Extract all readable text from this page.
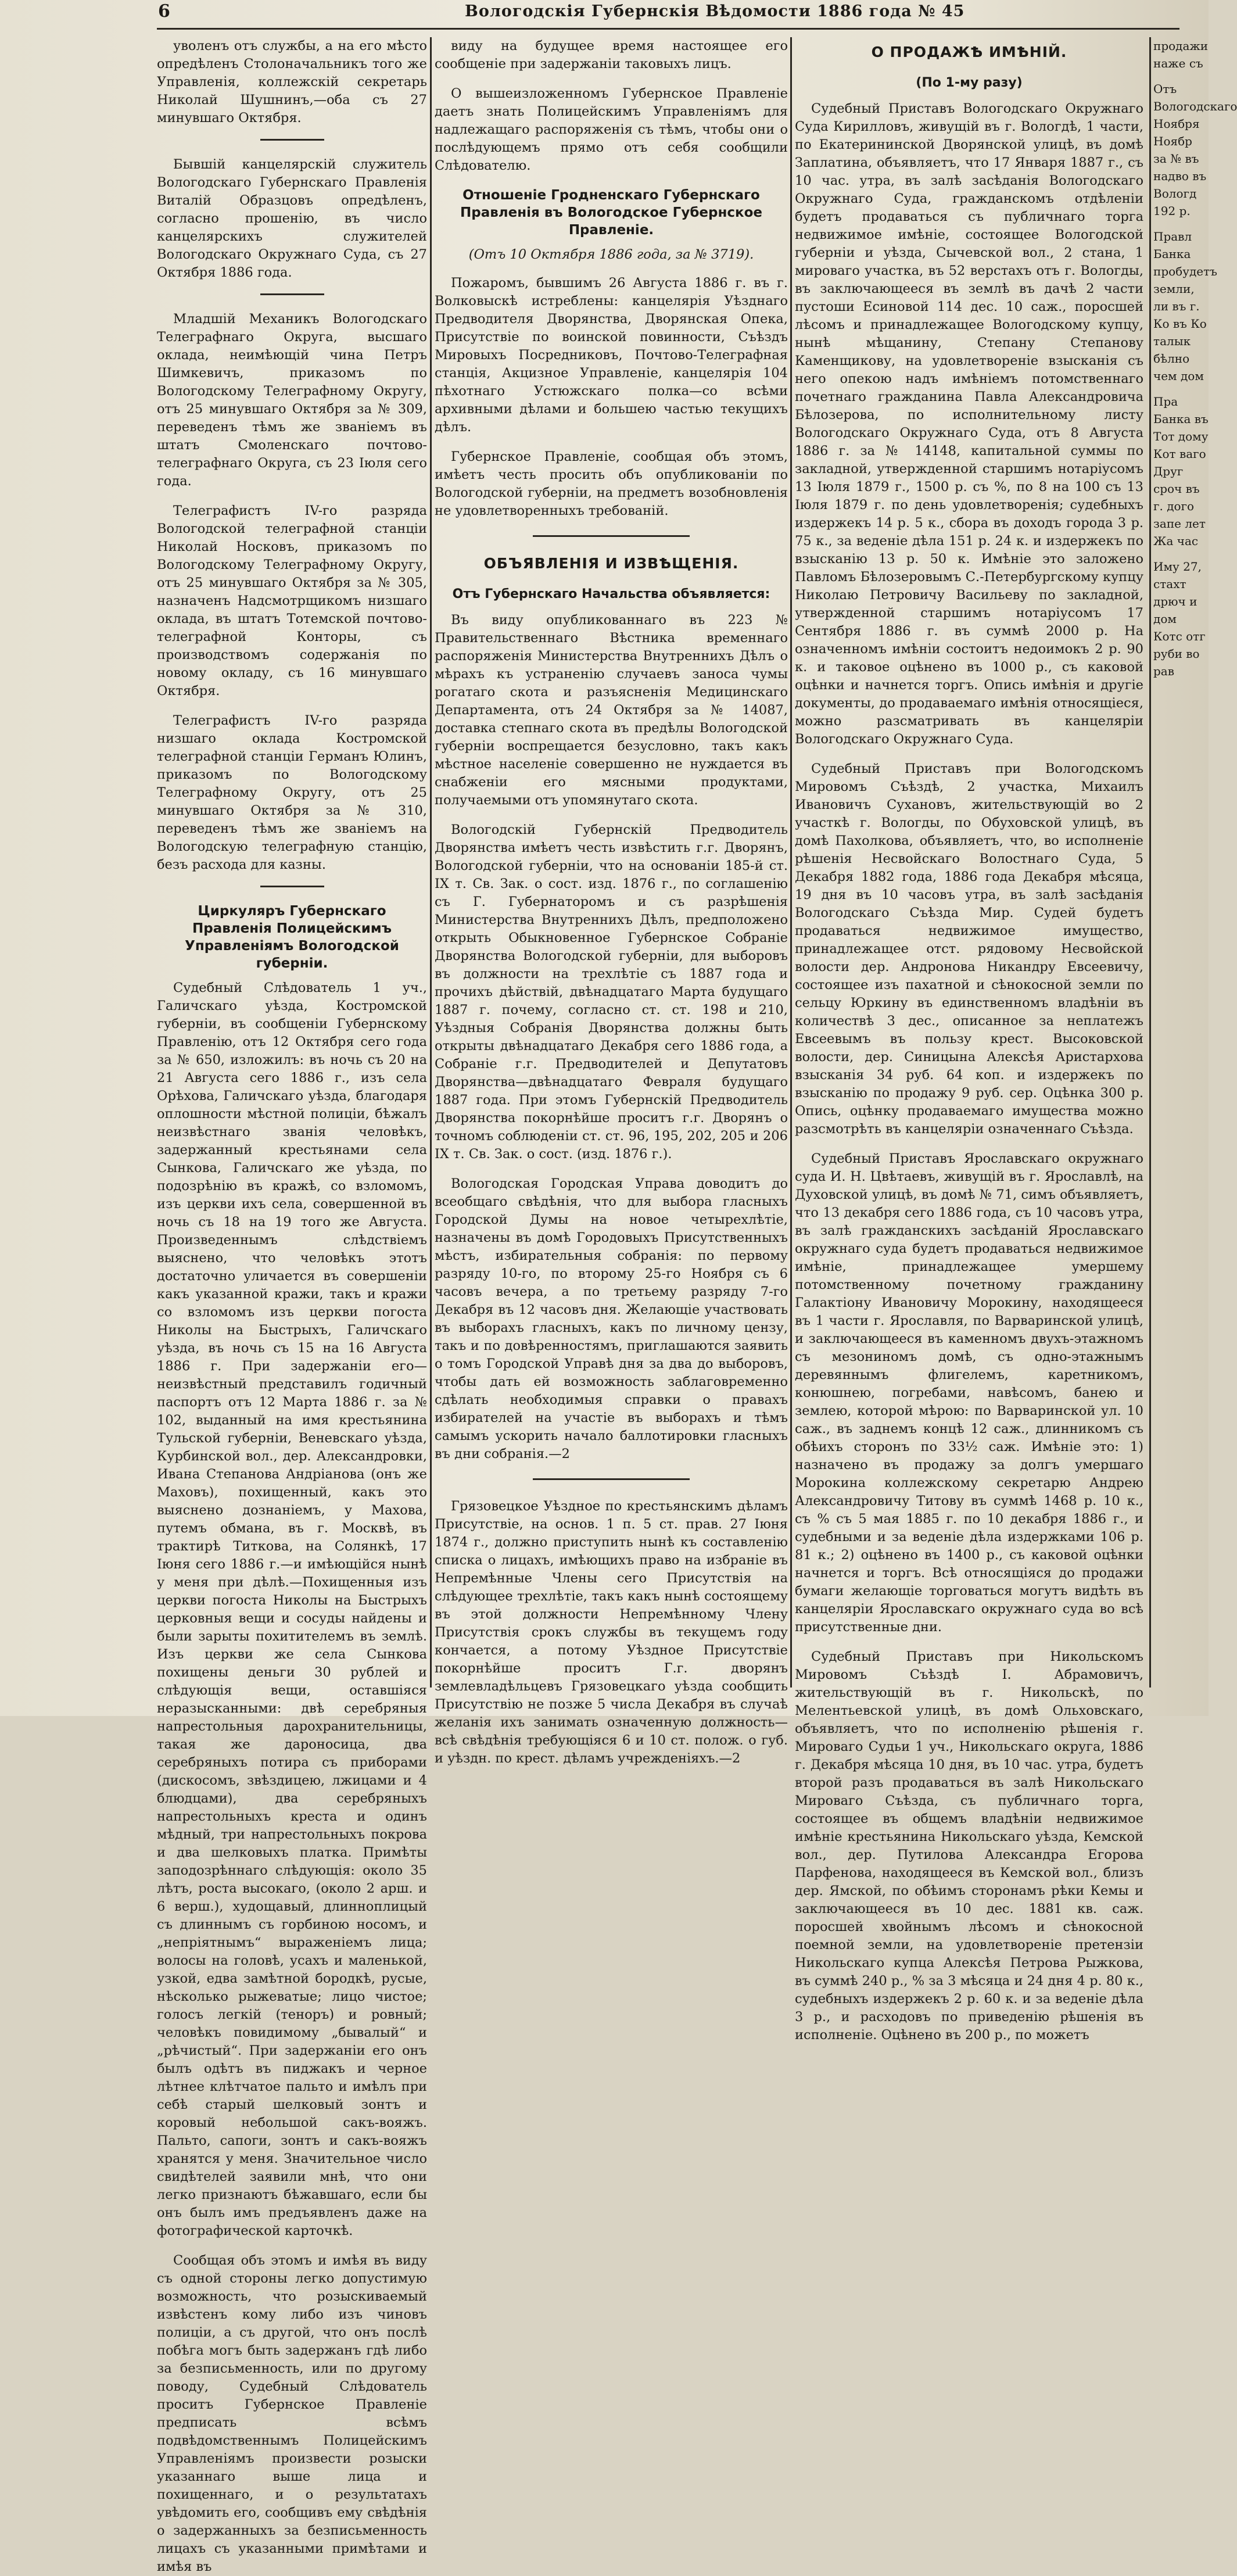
6	Вологодскія Губернскія Вѣдомости 1886 года № 45

уволенъ отъ службы, а на его мѣсто опредѣленъ Столоначальникъ того же Управленія, коллежскій секретарь Николай Шушнинъ,—оба съ 27 минувшаго Октября.

Бывшій канцелярскій служитель Вологодскаго Губернскаго Правленія Виталій Образцовъ опредѣленъ, согласно прошенію, въ число канцелярскихъ служителей Вологодскаго Окружнаго Суда, съ 27 Октября 1886 года.

Младшій Механикъ Вологодскаго Телеграфнаго Округа, высшаго оклада, неимѣющій чина Петръ Шимкевичъ, приказомъ по Вологодскому Телеграфному Округу, отъ 25 минувшаго Октября за № 309, переведенъ тѣмъ же званіемъ въ штатъ Смоленскаго почтово-телеграфнаго Округа, съ 23 Іюля сего года.

Телеграфистъ IV-го разряда Вологодской телеграфной станціи Николай Носковъ, приказомъ по Вологодскому Телеграфному Округу, отъ 25 минувшаго Октября за № 305, назначенъ Надсмотрщикомъ низшаго оклада, въ штатъ Тотемской почтово-телеграфной Конторы, съ производствомъ содержанія по новому окладу, съ 16 минувшаго Октября.

Телеграфистъ IV-го разряда низшаго оклада Костромской телеграфной станціи Германъ Юлинъ, приказомъ по Вологодскому Телеграфному Округу, отъ 25 минувшаго Октября за № 310, переведенъ тѣмъ же званіемъ на Вологодскую телеграфную станцію, безъ расхода для казны.

Циркуляръ Губернскаго Правленія Полицейскимъ Управленіямъ Вологодской губерніи.

Судебный Слѣдователь 1 уч., Галичскаго уѣзда, Костромской губерніи, въ сообщеніи Губернскому Правленію, отъ 12 Октября сего года за № 650, изложилъ: въ ночь съ 20 на 21 Августа сего 1886 г., изъ села Орѣхова, Галичскаго уѣзда, благодаря оплошности мѣстной полиціи, бѣжалъ неизвѣстнаго званія человѣкъ, задержанный крестьянами села Сынкова, Галичскаго же уѣзда, по подозрѣнію въ кражѣ, со взломомъ, изъ церкви ихъ села, совершенной въ ночь съ 18 на 19 того же Августа. Произведеннымъ слѣдствіемъ выяснено, что человѣкъ этотъ достаточно уличается въ совершеніи какъ указанной кражи, такъ и кражи со взломомъ изъ церкви погоста Николы на Быстрыхъ, Галичскаго уѣзда, въ ночь съ 15 на 16 Августа 1886 г. При задержаніи его—неизвѣстный представилъ годичный паспортъ отъ 12 Марта 1886 г. за № 102, выданный на имя крестьянина Тульской губерніи, Веневскаго уѣзда, Курбинской вол., дер. Александровки, Ивана Степанова Андріанова (онъ же Маховъ), похищенный, какъ это выяснено дознаніемъ, у Махова, путемъ обмана, въ г. Москвѣ, въ трактирѣ Титкова, на Солянкѣ, 17 Іюня сего 1886 г.—и имѣющійся нынѣ у меня при дѣлѣ.—Похищенныя изъ церкви погоста Николы на Быстрыхъ церковныя вещи и сосуды найдены и были зарыты похитителемъ въ землѣ. Изъ церкви же села Сынкова похищены деньги 30 рублей и слѣдующія вещи, оставшіяся неразысканными: двѣ серебряныя напрестольныя дарохранительницы, такая же дароносица, два серебряныхъ потира съ приборами (дискосомъ, звѣздицею, лжицами и 4 блюдцами), два серебряныхъ напрестольныхъ креста и одинъ мѣдный, три напрестольныхъ покрова и два шелковыхъ платка. Примѣты заподозрѣннаго слѣдующія: около 35 лѣтъ, роста высокаго, (около 2 арш. и 6 верш.), худощавый, длинноплицый съ длиннымъ съ горбиною носомъ, и „непріятнымъ“ выраженіемъ лица; волосы на головѣ, усахъ и маленькой, узкой, едва замѣтной бородкѣ, русые, нѣсколько рыжеватые; лицо чистое; голосъ легкій (теноръ) и ровный; человѣкъ повидимому „бывалый“ и „рѣчистый“. При задержаніи его онъ былъ одѣтъ въ пиджакъ и черное лѣтнее клѣтчатое пальто и имѣлъ при себѣ старый шелковый зонтъ и коровый небольшой сакъ-вояжъ. Пальто, сапоги, зонтъ и сакъ-вояжъ хранятся у меня. Значительное число свидѣтелей заявили мнѣ, что они легко признаютъ бѣжавшаго, если бы онъ былъ имъ предъявленъ даже на фотографической карточкѣ.

Сообщая объ этомъ и имѣя въ виду съ одной стороны легко допустимую возможность, что розыскиваемый извѣстенъ кому либо изъ чиновъ полиціи, а съ другой, что онъ послѣ побѣга могъ быть задержанъ гдѣ либо за безписьменность, или по другому поводу, Судебный Слѣдователь проситъ Губернское Правленіе предписать всѣмъ подвѣдомственнымъ Полицейскимъ Управленіямъ произвести розыски указаннаго выше лица и похищеннаго, и о результатахъ увѣдомить его, сообщивъ ему свѣдѣнія о задержанныхъ за безписьменность лицахъ съ указанными примѣтами и имѣя въ

виду на будущее время настоящее его сообщеніе при задержаніи таковыхъ лицъ.

О вышеизложенномъ Губернское Правленіе даетъ знать Полицейскимъ Управленіямъ для надлежащаго распоряженія съ тѣмъ, чтобы они о послѣдующемъ прямо отъ себя сообщили Слѣдователю.

Отношеніе Гродненскаго Губернскаго Правленія въ Вологодское Губернское Правленіе.

(Отъ 10 Октября 1886 года, за № 3719).

Пожаромъ, бывшимъ 26 Августа 1886 г. въ г. Волковыскѣ истреблены: канцелярія Уѣзднаго Предводителя Дворянства, Дворянская Опека, Присутствіе по воинской повинности, Съѣздъ Мировыхъ Посредниковъ, Почтово-Телеграфная станція, Акцизное Управленіе, канцелярія 104 пѣхотнаго Устюжскаго полка—со всѣми архивными дѣлами и большею частью текущихъ дѣлъ.

Губернское Правленіе, сообщая объ этомъ, имѣетъ честь просить объ опубликованіи по Вологодской губерніи, на предметъ возобновленія не удовлетворенныхъ требованій.

ОБЪЯВЛЕНІЯ И ИЗВѢЩЕНІЯ.
Отъ Губернскаго Начальства объявляется:

Въ виду опубликованнаго въ 223 № Правительственнаго Вѣстника временнаго распоряженія Министерства Внутреннихъ Дѣлъ о мѣрахъ къ устраненію случаевъ заноса чумы рогатаго скота и разъясненія Медицинскаго Департамента, отъ 24 Октября за № 14087, доставка степнаго скота въ предѣлы Вологодской губерніи воспрещается безусловно, такъ какъ мѣстное населеніе совершенно не нуждается въ снабженіи его мясными продуктами, получаемыми отъ упомянутаго скота.

Вологодскій Губернскій Предводитель Дворянства имѣетъ честь извѣстить г.г. Дворянъ, Вологодской губерніи, что на основаніи 185-й ст. IX т. Св. Зак. о сост. изд. 1876 г., по соглашенію съ Г. Губернаторомъ и съ разрѣшенія Министерства Внутреннихъ Дѣлъ, предположено открыть Обыкновенное Губернское Собраніе Дворянства Вологодской губерніи, для выборовъ въ должности на трехлѣтіе съ 1887 года и прочихъ дѣйствій, двѣнадцатаго Марта будущаго 1887 г. почему, согласно ст. ст. 198 и 210, Уѣздныя Собранія Дворянства должны быть открыты двѣнадцатаго Декабря сего 1886 года, а Собраніе г.г. Предводителей и Депутатовъ Дворянства—двѣнадцатаго Февраля будущаго 1887 года. При этомъ Губернскій Предводитель Дворянства покорнѣйше проситъ г.г. Дворянъ о точномъ соблюденіи ст. ст. 96, 195, 202, 205 и 206 IX т. Св. Зак. о сост. (изд. 1876 г.).

Вологодская Городская Управа доводитъ до всеобщаго свѣдѣнія, что для выбора гласныхъ Городской Думы на новое четырехлѣтіе, назначены въ домѣ Городовыхъ Присутственныхъ мѣстъ, избирательныя собранія: по первому разряду 10-го, по второму 25-го Ноября съ 6 часовъ вечера, а по третьему разряду 7-го Декабря въ 12 часовъ дня. Желающіе участвовать въ выборахъ гласныхъ, какъ по личному цензу, такъ и по довѣренностямъ, приглашаются заявить о томъ Городской Управѣ дня за два до выборовъ, чтобы дать ей возможность заблаговременно сдѣлать необходимыя справки о правахъ избирателей на участіе въ выборахъ и тѣмъ самымъ ускорить начало баллотировки гласныхъ въ дни собранія.—2

Грязовецкое Уѣздное по крестьянскимъ дѣламъ Присутствіе, на основ. 1 п. 5 ст. прав. 27 Іюня 1874 г., должно приступить нынѣ къ составленію списка о лицахъ, имѣющихъ право на избраніе въ Непремѣнные Члены сего Присутствія на слѣдующее трехлѣтіе, такъ какъ нынѣ состоящему въ этой должности Непремѣнному Члену Присутствія срокъ службы въ текущемъ году кончается, а потому Уѣздное Присутствіе покорнѣйше проситъ Г.г. дворянъ землевладѣльцевъ Грязовецкаго уѣзда сообщить Присутствію не позже 5 числа Декабря въ случаѣ желанія ихъ занимать означенную должность—всѣ свѣдѣнія требующіяся 6 и 10 ст. полож. о губ. и уѣздн. по крест. дѣламъ учрежденіяхъ.—2

О ПРОДАЖѢ ИМѢНІЙ.
(По 1-му разу)

Судебный Приставъ Вологодскаго Окружнаго Суда Кирилловъ, живущій въ г. Вологдѣ, 1 части, по Екатерининской Дворянской улицѣ, въ домѣ Заплатина, объявляетъ, что 17 Января 1887 г., съ 10 час. утра, въ залѣ засѣданія Вологодскаго Окружнаго Суда, гражданскомъ отдѣленіи будетъ продаваться съ публичнаго торга недвижимое имѣніе, состоящее Вологодской губерніи и уѣзда, Сычевской вол., 2 стана, 1 мироваго участка, въ 52 верстахъ отъ г. Вологды, въ заключающееся въ землѣ въ дачѣ 2 части пустоши Есиновой 114 дес. 10 саж., поросшей лѣсомъ и принадлежащее Вологодскому купцу, нынѣ мѣщанину, Степану Степанову Каменщикову, на удовлетвореніе взысканія съ него опекою надъ имѣніемъ потомственнаго почетнаго гражданина Павла Александровича Бѣлозерова, по исполнительному листу Вологодскаго Окружнаго Суда, отъ 8 Августа 1886 г. за № 14148, капитальной суммы по закладной, утвержденной старшимъ нотаріусомъ 13 Іюля 1879 г., 1500 р. съ %, по 8 на 100 съ 13 Іюля 1879 г. по день удовлетворенія; судебныхъ издержекъ 14 р. 5 к., сбора въ доходъ города 3 р. 75 к., за веденіе дѣла 151 р. 24 к. и издержекъ по взысканію 13 р. 50 к. Имѣніе это заложено Павломъ Бѣлозеровымъ С.-Петербургскому купцу Николаю Петровичу Васильеву по закладной, утвержденной старшимъ нотаріусомъ 17 Сентября 1886 г. въ суммѣ 2000 р. На означенномъ имѣніи состоитъ недоимокъ 2 р. 90 к. и таковое оцѣнено въ 1000 р., съ каковой оцѣнки и начнется торгъ. Опись имѣнія и другіе документы, до продаваемаго имѣнія относящіеся, можно разсматривать въ канцеляріи Вологодскаго Окружнаго Суда.

Судебный Приставъ при Вологодскомъ Мировомъ Съѣздѣ, 2 участка, Михаилъ Ивановичъ Сухановъ, жительствующій во 2 участкѣ г. Вологды, по Обуховской улицѣ, въ домѣ Пахолкова, объявляетъ, что, во исполненіе рѣшенія Несвойскаго Волостнаго Суда, 5 Декабря 1882 года, 1886 года Декабря мѣсяца, 19 дня въ 10 часовъ утра, въ залѣ засѣданія Вологодскаго Съѣзда Мир. Судей будетъ продаваться недвижимое имущество, принадлежащее отст. рядовому Несвойской волости дер. Андронова Никандру Евсеевичу, состоящее изъ пахатной и сѣнокосной земли по сельцу Юркину въ единственномъ владѣніи въ количествѣ 3 дес., описанное за неплатежъ Евсеевымъ въ пользу крест. Высоковской волости, дер. Синицына Алексѣя Аристархова взысканія 34 руб. 64 коп. и издержекъ по взысканію по продажу 9 руб. сер. Оцѣнка 300 р. Опись, оцѣнку продаваемаго имущества можно разсмотрѣть въ канцеляріи означеннаго Съѣзда.

Судебный Приставъ Ярославскаго окружнаго суда И. Н. Цвѣтаевъ, живущій въ г. Ярославлѣ, на Духовской улицѣ, въ домѣ № 71, симъ объявляетъ, что 13 декабря сего 1886 года, съ 10 часовъ утра, въ залѣ гражданскихъ засѣданій Ярославскаго окружнаго суда будетъ продаваться недвижимое имѣніе, принадлежащее умершему потомственному почетному гражданину Галактіону Ивановичу Морокину, находящееся въ 1 части г. Ярославля, по Варваринской улицѣ, и заключающееся въ каменномъ двухъ-этажномъ съ мезониномъ домѣ, съ одно-этажнымъ деревяннымъ флигелемъ, каретникомъ, конюшнею, погребами, навѣсомъ, банею и землею, которой мѣрою: по Варваринской ул. 10 саж., въ заднемъ концѣ 12 саж., длинникомъ съ обѣихъ сторонъ по 33½ саж. Имѣніе это: 1) назначено въ продажу за долгъ умершаго Морокина коллежскому секретарю Андрею Александровичу Титову въ суммѣ 1468 р. 10 к., съ % съ 5 мая 1885 г. по 10 декабря 1886 г., и судебными и за веденіе дѣла издержками 106 р. 81 к.; 2) оцѣнено въ 1400 р., съ каковой оцѣнки начнется и торгъ. Всѣ относящіяся до продажи бумаги желающіе торговаться могутъ видѣть въ канцеляріи Ярославскаго окружнаго суда во всѣ присутственные дни.

Судебный Приставъ при Никольскомъ Мировомъ Съѣздѣ І. Абрамовичъ, жительствующій въ г. Никольскѣ, по Мелентьевской улицѣ, въ домѣ Ольховскаго, объявляетъ, что по исполненію рѣшенія г. Мироваго Судьи 1 уч., Никольскаго округа, 1886 г. Декабря мѣсяца 10 дня, въ 10 час. утра, будетъ второй разъ продаваться въ залѣ Никольскаго Мироваго Съѣзда, съ публичнаго торга, состоящее въ общемъ владѣніи недвижимое имѣніе крестьянина Никольскаго уѣзда, Кемской вол., дер. Путилова Александра Егорова Парфенова, находящееся въ Кемской вол., близъ дер. Ямской, по обѣимъ сторонамъ рѣки Кемы и заключающееся въ 10 дес. 1881 кв. саж. поросшей хвойнымъ лѣсомъ и сѣнокосной поемной земли, на удовлетвореніе претензіи Никольскаго купца Алексѣя Петрова Рыжкова, въ суммѣ 240 р., % за 3 мѣсяца и 24 дня 4 р. 80 к., судебныхъ издержекъ 2 р. 60 к. и за веденіе дѣла 3 р., и расходовъ по приведенію рѣшенія въ исполненіе. Оцѣнено въ 200 р., по можетъ

продажи наже съ

Отъ Вологодскаго Ноября Ноябр за № въ надво въ Вологд 192 р.

Правл Банка пробудетъ земли, ли въ г. Ко въ Ко талык бѣлно чем дом

Пра Банка въ Тот дому Кот ваго Друг сроч въ г. дого запе лет Жа час

Иму 27, стахт дрюч и дом Котс отг руби во рав
